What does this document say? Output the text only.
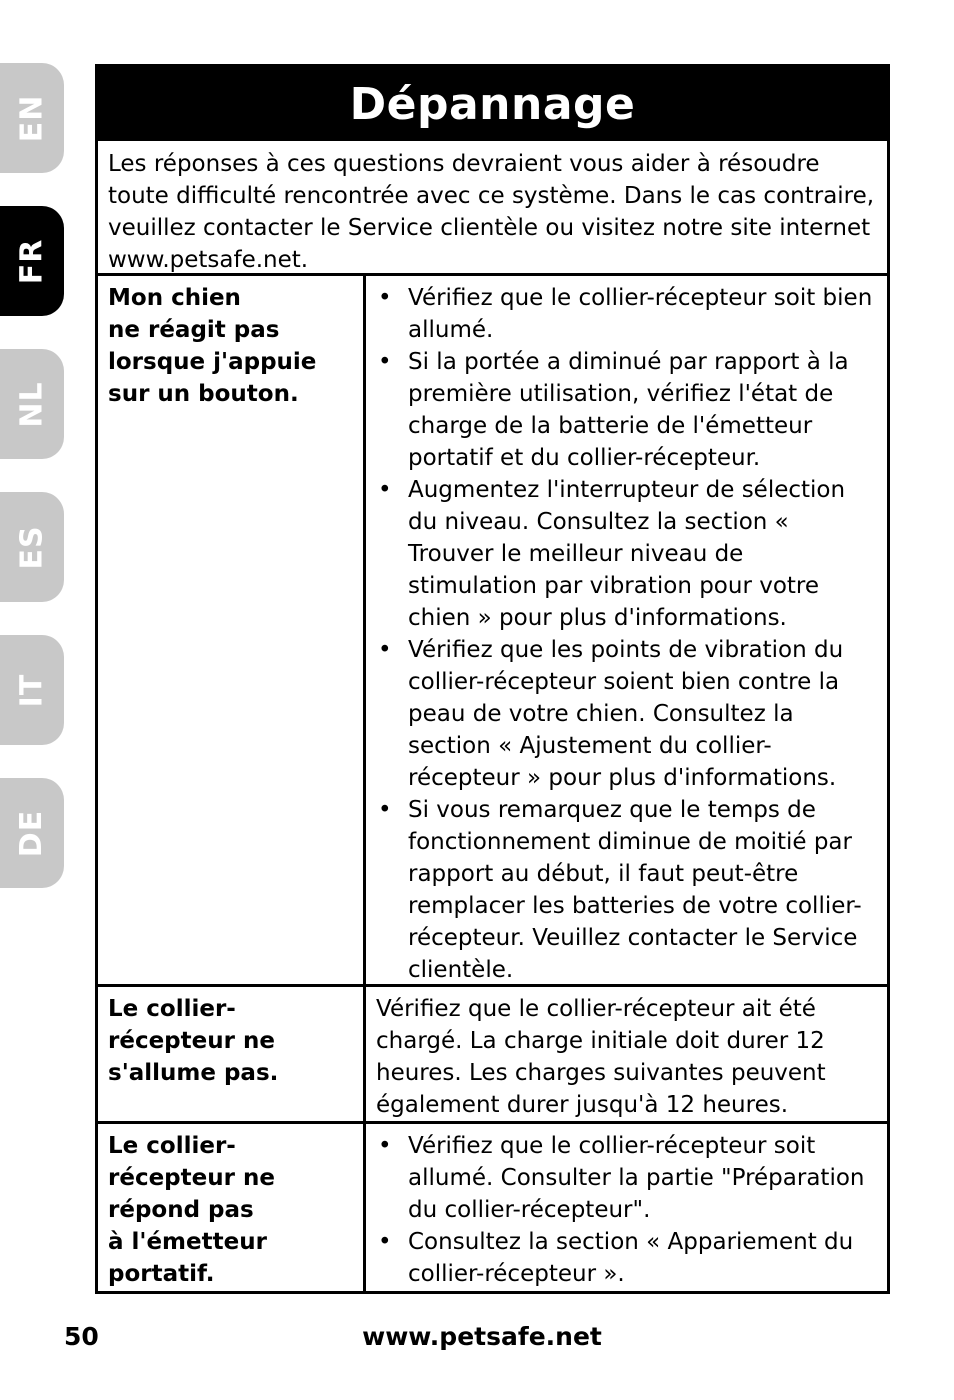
EN
FR
NL
ES
IT
DE
Dépannage
Les réponses à ces questions devraient vous aider à résoudre toute difficulté rencontrée avec ce système. Dans le cas contraire, veuillez contacter le Service clientèle ou visitez notre site internet www.petsafe.net.
Mon chien
ne réagit pas
lorsque j'appuie
sur un bouton.
• Vérifiez que le collier-récepteur soit bien allumé.
• Si la portée a diminué par rapport à la première utilisation, vérifiez l'état de charge de la batterie de l'émetteur portatif et du collier-récepteur.
• Augmentez l'interrupteur de sélection du niveau. Consultez la section « Trouver le meilleur niveau de stimulation par vibration pour votre chien » pour plus d'informations.
• Vérifiez que les points de vibration du collier-récepteur soient bien contre la peau de votre chien. Consultez la section « Ajustement du collier-récepteur » pour plus d'informations.
• Si vous remarquez que le temps de fonctionnement diminue de moitié par rapport au début, il faut peut-être remplacer les batteries de votre collier-récepteur. Veuillez contacter le Service clientèle.
Le collier-
récepteur ne
s'allume pas.
Vérifiez que le collier-récepteur ait été chargé. La charge initiale doit durer 12 heures. Les charges suivantes peuvent également durer jusqu'à 12 heures.
Le collier-
récepteur ne
répond pas
à l'émetteur
portatif.
• Vérifiez que le collier-récepteur soit allumé. Consulter la partie "Préparation du collier-récepteur".
• Consultez la section « Appariement du collier-récepteur ».
50	www.petsafe.net
